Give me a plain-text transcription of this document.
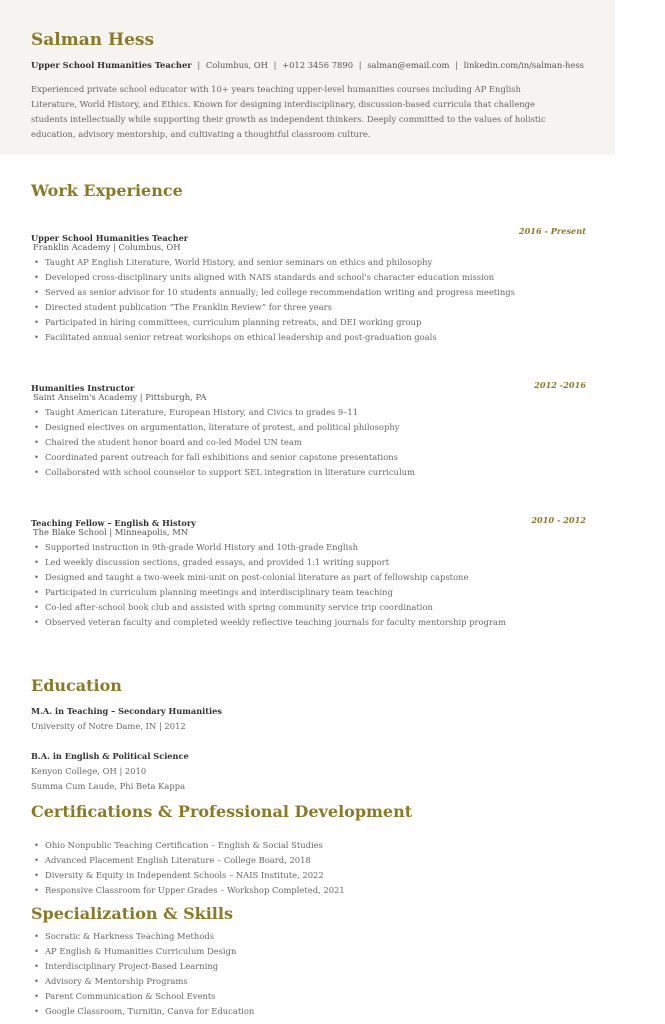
Salman Hess
Upper School Humanities Teacher | Columbus, OH | +012 3456 7890 | salman@email.com | linkedin.com/in/salman-hess
Experienced private school educator with 10+ years teaching upper-level humanities courses including AP English Literature, World History, and Ethics. Known for designing interdisciplinary, discussion-based curricula that challenge students intellectually while supporting their growth as independent thinkers. Deeply committed to the values of holistic education, advisory mentorship, and cultivating a thoughtful classroom culture.
Work Experience
Upper School Humanities Teacher
2016 - Present
Franklin Academy | Columbus, OH
• Taught AP English Literature, World History, and senior seminars on ethics and philosophy
• Developed cross-disciplinary units aligned with NAIS standards and school's character education mission
• Served as senior advisor for 10 students annually; led college recommendation writing and progress meetings
• Directed student publication “The Franklin Review” for three years
• Participated in hiring committees, curriculum planning retreats, and DEI working group
• Facilitated annual senior retreat workshops on ethical leadership and post-graduation goals
Humanities Instructor	2012 -2016
Saint Anselm's Academy | Pittsburgh, PA
• Taught American Literature, European History, and Civics to grades 9–11
• Designed electives on argumentation, literature of protest, and political philosophy
• Chaired the student honor board and co-led Model UN team
• Coordinated parent outreach for fall exhibitions and senior capstone presentations
• Collaborated with school counselor to support SEL integration in literature curriculum
Teaching Fellow – English & History	2010 - 2012
The Blake School | Minneapolis, MN
• Supported instruction in 9th-grade World History and 10th-grade English
• Led weekly discussion sections, graded essays, and provided 1:1 writing support
• Designed and taught a two-week mini-unit on post-colonial literature as part of fellowship capstone
• Participated in curriculum planning meetings and interdisciplinary team teaching
• Co-led after-school book club and assisted with spring community service trip coordination
• Observed veteran faculty and completed weekly reflective teaching journals for faculty mentorship program
Education
M.A. in Teaching – Secondary Humanities
University of Notre Dame, IN | 2012
B.A. in English & Political Science
Kenyon College, OH | 2010
Summa Cum Laude, Phi Beta Kappa
Certifications & Professional Development
• Ohio Nonpublic Teaching Certification – English & Social Studies
• Advanced Placement English Literature – College Board, 2018
• Diversity & Equity in Independent Schools – NAIS Institute, 2022
• Responsive Classroom for Upper Grades – Workshop Completed, 2021
Specialization & Skills
• Socratic & Harkness Teaching Methods
• AP English & Humanities Curriculum Design
• Interdisciplinary Project-Based Learning
• Advisory & Mentorship Programs
• Parent Communication & School Events
• Google Classroom, Turnitin, Canva for Education
